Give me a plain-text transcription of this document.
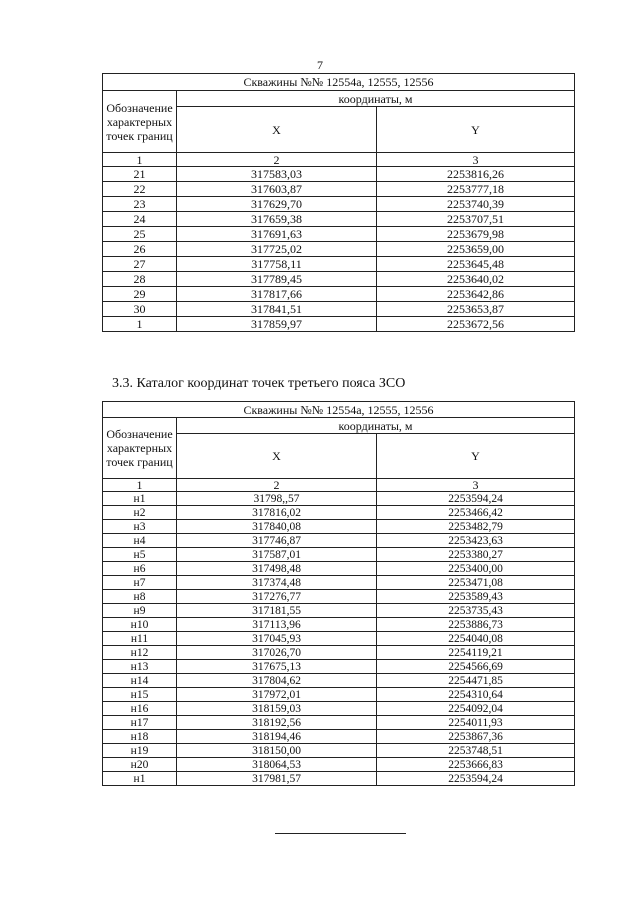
7
Скважины №№ 12554а, 12555, 12556		
Обозначение характерных точек границ	координаты, м	
	X	Y
1	2	3
21	317583,03	2253816,26
22	317603,87	2253777,18
23	317629,70	2253740,39
24	317659,38	2253707,51
25	317691,63	2253679,98
26	317725,02	2253659,00
27	317758,11	2253645,48
28	317789,45	2253640,02
29	317817,66	2253642,86
30	317841,51	2253653,87
1	317859,97	2253672,56
3.3. Каталог координат точек третьего пояса ЗСО
Скважины №№ 12554а, 12555, 12556		
Обозначение характерных точек границ	координаты, м	
	X	Y
1	2	3
н1	31798,,57	2253594,24
н2	317816,02	2253466,42
н3	317840,08	2253482,79
н4	317746,87	2253423,63
н5	317587,01	2253380,27
н6	317498,48	2253400,00
н7	317374,48	2253471,08
н8	317276,77	2253589,43
н9	317181,55	2253735,43
н10	317113,96	2253886,73
н11	317045,93	2254040,08
н12	317026,70	2254119,21
н13	317675,13	2254566,69
н14	317804,62	2254471,85
н15	317972,01	2254310,64
н16	318159,03	2254092,04
н17	318192,56	2254011,93
н18	318194,46	2253867,36
н19	318150,00	2253748,51
н20	318064,53	2253666,83
н1	317981,57	2253594,24
